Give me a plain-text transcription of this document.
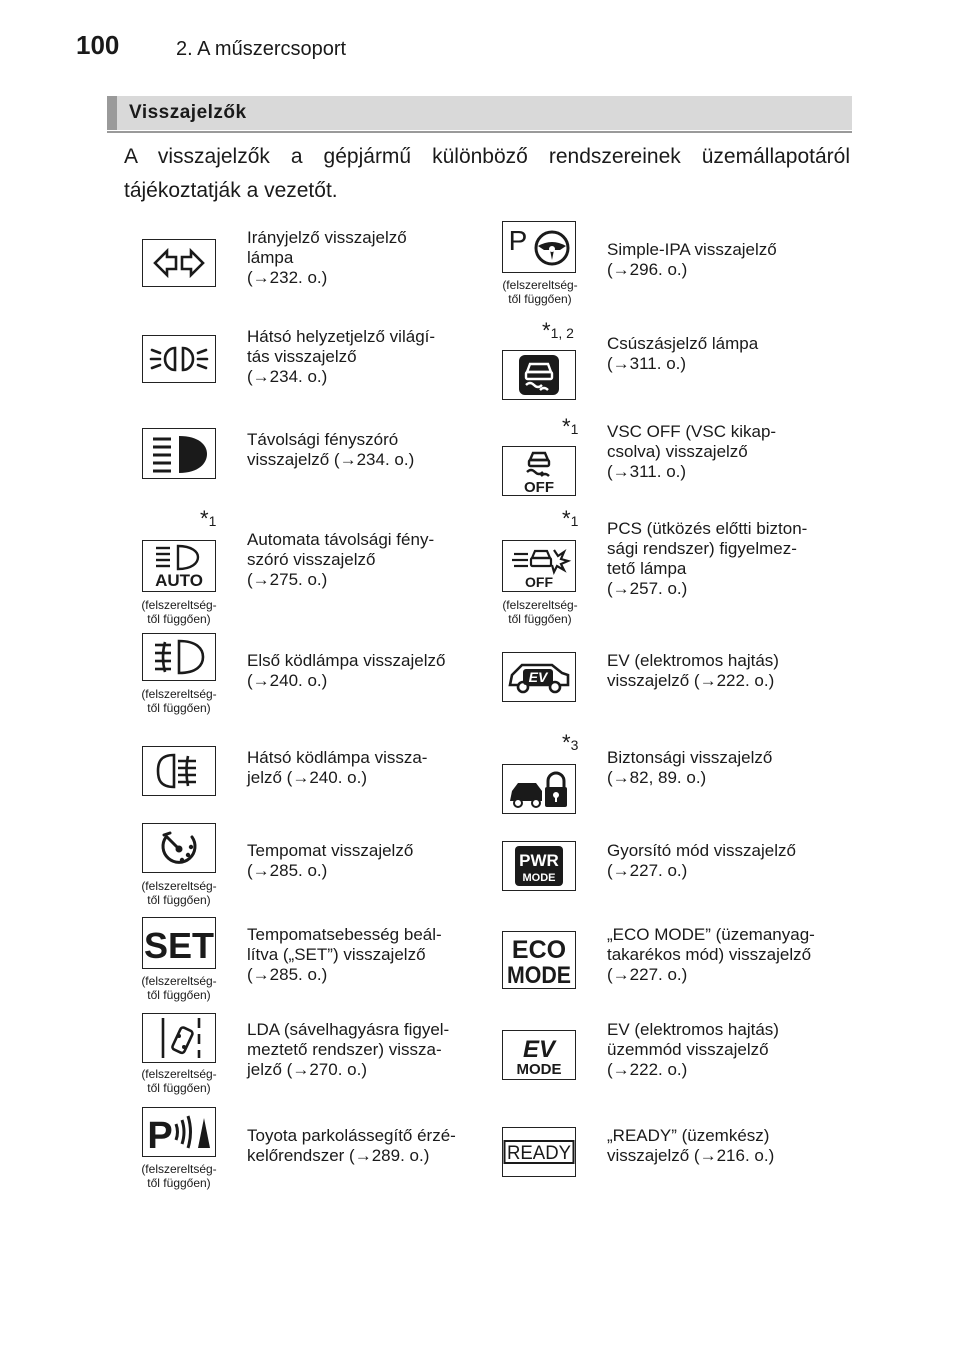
100	2. A műszercsoport
Visszajelzők
A visszajelzők a gépjármű különböző rendszereinek üzemállapotáról tájékoztatják a vezetőt.
Irányjelző visszajelző
lámpa
(→232. o.)
Hátsó helyzetjelző világí-
tás visszajelző
(→234. o.)
Távolsági fényszóró
visszajelző (→234. o.)
*1
AUTO
(felszereltség-
től függően)
Automata távolsági fény-
szóró visszajelző
(→275. o.)
(felszereltség-
től függően)
Első ködlámpa visszajelző
(→240. o.)
Hátsó ködlámpa vissza-
jelző (→240. o.)
(felszereltség-
től függően)
Tempomat visszajelző
(→285. o.)
SET
(felszereltség-
től függően)
Tempomatsebesség beál-
lítva („SET”) visszajelző
(→285. o.)
(felszereltség-
től függően)
LDA (sávelhagyásra figyel-
meztető rendszer) vissza-
jelző (→270. o.)
P
(felszereltség-
től függően)
Toyota parkolássegítő érzé-
kelőrendszer (→289. o.)
P
(felszereltség-
től függően)
Simple-IPA visszajelző
(→296. o.)
*1, 2
Csúszásjelző lámpa
(→311. o.)
*1
OFF
VSC OFF (VSC kikap-
csolva) visszajelző
(→311. o.)
*1
OFF
(felszereltség-
től függően)
PCS (ütközés előtti bizton-
sági rendszer) figyelmez-
tető lámpa
(→257. o.)
EV
EV (elektromos hajtás)
visszajelző (→222. o.)
*3
Biztonsági visszajelző
(→82, 89. o.)
PWR
MODE
Gyorsító mód visszajelző
(→227. o.)
ECO
MODE
„ECO MODE” (üzemanyag-
takarékos mód) visszajelző
(→227. o.)
EV
MODE
EV (elektromos hajtás)
üzemmód visszajelző
(→222. o.)
READY
„READY” (üzemkész)
visszajelző (→216. o.)
